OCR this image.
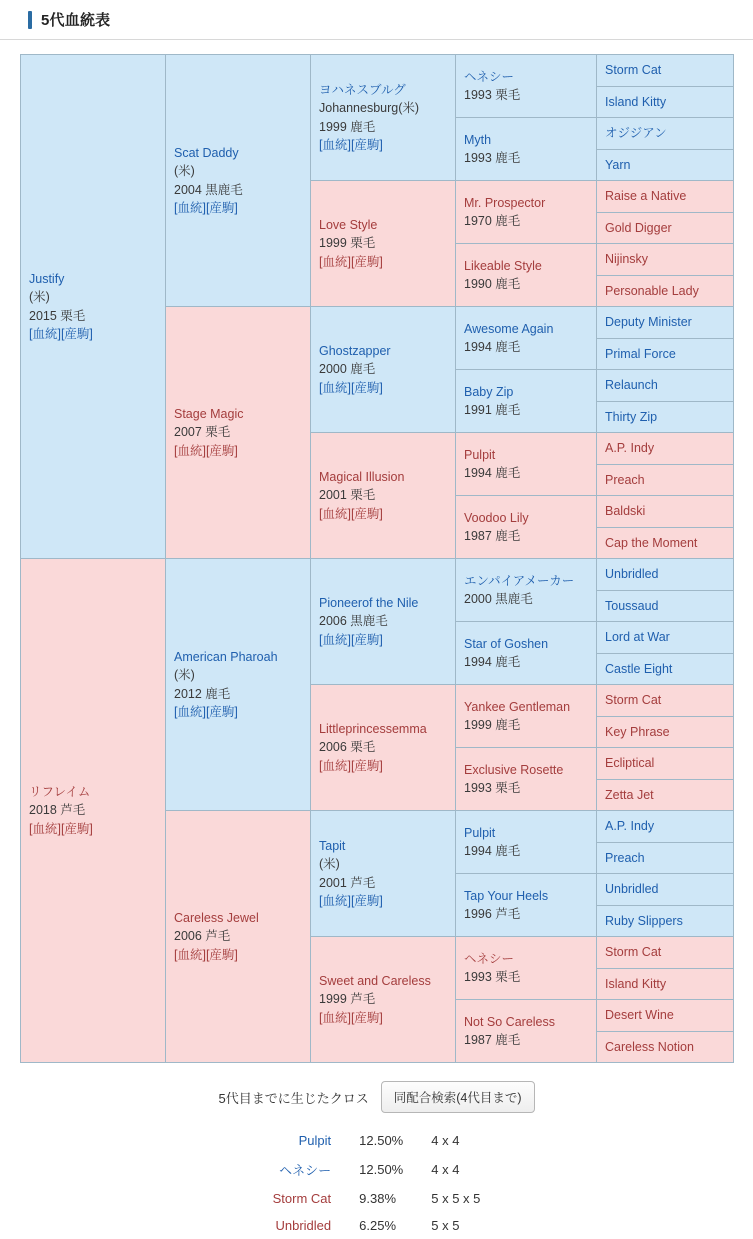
5代血統表
Justify
(米)
2015 栗毛
[血統][産駒]	Scat Daddy
(米)
2004 黒鹿毛
[血統][産駒]	ヨハネスブルグ
Johannesburg(米)
1999 鹿毛
[血統][産駒]	ヘネシー
1993 栗毛	Storm Cat
				Island Kitty

			Myth
1993 鹿毛	オジジアン
				Yarn

		Love Style
1999 栗毛
[血統][産駒]	Mr. Prospector
1970 鹿毛	Raise a Native
				Gold Digger

			Likeable Style
1990 鹿毛	Nijinsky
				Personable Lady

	Stage Magic
2007 栗毛
[血統][産駒]	Ghostzapper
2000 鹿毛
[血統][産駒]	Awesome Again
1994 鹿毛	Deputy Minister
				Primal Force

			Baby Zip
1991 鹿毛	Relaunch
				Thirty Zip

		Magical Illusion
2001 栗毛
[血統][産駒]	Pulpit
1994 鹿毛	A.P. Indy
				Preach

			Voodoo Lily
1987 鹿毛	Baldski
				Cap the Moment

リフレイム
2018 芦毛
[血統][産駒]	American Pharoah
(米)
2012 鹿毛
[血統][産駒]	Pioneerof the Nile
2006 黒鹿毛
[血統][産駒]	エンパイアメーカー
2000 黒鹿毛	Unbridled
				Toussaud

			Star of Goshen
1994 鹿毛	Lord at War
				Castle Eight

		Littleprincessemma
2006 栗毛
[血統][産駒]	Yankee Gentleman
1999 鹿毛	Storm Cat
				Key Phrase

			Exclusive Rosette
1993 栗毛	Ecliptical
				Zetta Jet

	Careless Jewel
2006 芦毛
[血統][産駒]	Tapit
(米)
2001 芦毛
[血統][産駒]	Pulpit
1994 鹿毛	A.P. Indy
				Preach

			Tap Your Heels
1996 芦毛	Unbridled
				Ruby Slippers

		Sweet and Careless
1999 芦毛
[血統][産駒]	ヘネシー
1993 栗毛	Storm Cat
				Island Kitty

			Not So Careless
1987 鹿毛	Desert Wine
				Careless Notion
5代目までに生じたクロス	同配合検索(4代目まで)
Pulpit	12.50%	4 x 4
ヘネシー	12.50%	4 x 4
Storm Cat	9.38%	5 x 5 x 5
Unbridled	6.25%	5 x 5
